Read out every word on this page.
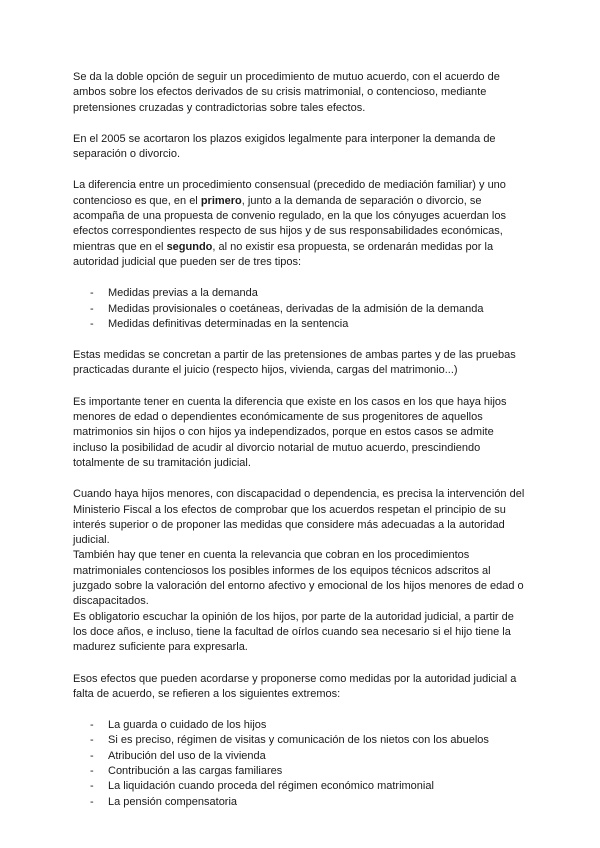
Se da la doble opción de seguir un procedimiento de mutuo acuerdo, con el acuerdo de ambos sobre los efectos derivados de su crisis matrimonial, o contencioso, mediante pretensiones cruzadas y contradictorias sobre tales efectos.

En el 2005 se acortaron los plazos exigidos legalmente para interponer la demanda de separación o divorcio.

La diferencia entre un procedimiento consensual (precedido de mediación familiar) y uno contencioso es que, en el primero, junto a la demanda de separación o divorcio, se acompaña de una propuesta de convenio regulado, en la que los cónyuges acuerdan los efectos correspondientes respecto de sus hijos y de sus responsabilidades económicas, mientras que en el segundo, al no existir esa propuesta, se ordenarán medidas por la autoridad judicial que pueden ser de tres tipos:

- Medidas previas a la demanda
- Medidas provisionales o coetáneas, derivadas de la admisión de la demanda
- Medidas definitivas determinadas en la sentencia

Estas medidas se concretan a partir de las pretensiones de ambas partes y de las pruebas practicadas durante el juicio (respecto hijos, vivienda, cargas del matrimonio...)

Es importante tener en cuenta la diferencia que existe en los casos en los que haya hijos menores de edad o dependientes económicamente de sus progenitores de aquellos matrimonios sin hijos o con hijos ya independizados, porque en estos casos se admite incluso la posibilidad de acudir al divorcio notarial de mutuo acuerdo, prescindiendo totalmente de su tramitación judicial.

Cuando haya hijos menores, con discapacidad o dependencia, es precisa la intervención del Ministerio Fiscal a los efectos de comprobar que los acuerdos respetan el principio de su interés superior o de proponer las medidas que considere más adecuadas a la autoridad judicial.

También hay que tener en cuenta la relevancia que cobran en los procedimientos matrimoniales contenciosos los posibles informes de los equipos técnicos adscritos al juzgado sobre la valoración del entorno afectivo y emocional de los hijos menores de edad o discapacitados.

Es obligatorio escuchar la opinión de los hijos, por parte de la autoridad judicial, a partir de los doce años, e incluso, tiene la facultad de oírlos cuando sea necesario si el hijo tiene la madurez suficiente para expresarla.

Esos efectos que pueden acordarse y proponerse como medidas por la autoridad judicial a falta de acuerdo, se refieren a los siguientes extremos:

- La guarda o cuidado de los hijos
- Si es preciso, régimen de visitas y comunicación de los nietos con los abuelos
- Atribución del uso de la vivienda
- Contribución a las cargas familiares
- La liquidación cuando proceda del régimen económico matrimonial
- La pensión compensatoria
